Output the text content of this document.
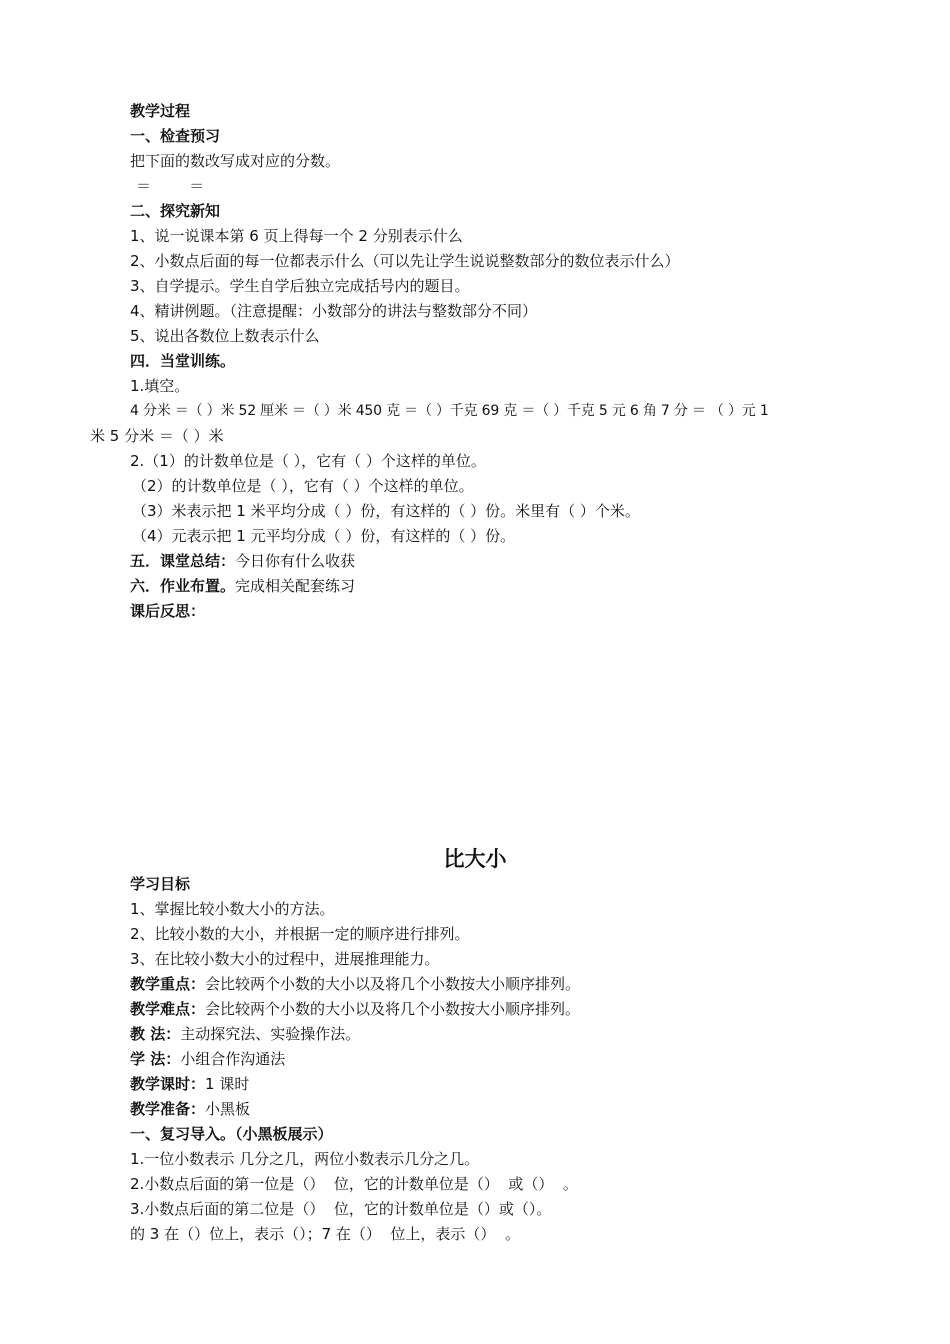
教学过程
一、检查预习
把下面的数改写成对应的分数。
＝        ＝
二、探究新知
1、说一说课本第 6 页上得每一个 2 分别表示什么
2、小数点后面的每一位都表示什么（可以先让学生说说整数部分的数位表示什么）
3、自学提示。学生自学后独立完成括号内的题目。
4、精讲例题。（注意提醒：小数部分的讲法与整数部分不同）
5、说出各数位上数表示什么
四．当堂训练。
1.填空。
4 分米 ＝（ ）米 52 厘米 ＝（ ）米 450 克 ＝（ ）千克 69 克 ＝（ ）千克 5 元 6 角 7 分 ＝ （ ）元 1
米 5 分米 ＝（ ）米
2.（1）的计数单位是（ ），它有（ ）个这样的单位。
（2）的计数单位是（ ），它有（ ）个这样的单位。
（3）米表示把 1 米平均分成（ ）份，有这样的（ ）份。米里有（ ）个米。
（4）元表示把 1 元平均分成（ ）份，有这样的（ ）份。
五．课堂总结：今日你有什么收获
六．作业布置。完成相关配套练习
课后反思：
比大小
学习目标
1、掌握比较小数大小的方法。
2、比较小数的大小，并根据一定的顺序进行排列。
3、在比较小数大小的过程中，进展推理能力。
教学重点：会比较两个小数的大小以及将几个小数按大小顺序排列。
教学难点：会比较两个小数的大小以及将几个小数按大小顺序排列。
教 法：主动探究法、实验操作法。
学 法：小组合作沟通法
教学课时：1 课时
教学准备：小黑板
一、复习导入。（小黑板展示）
1.一位小数表示 几分之几，两位小数表示几分之几。
2.小数点后面的第一位是（）  位，它的计数单位是（）  或（）  。
3.小数点后面的第二位是（）  位，它的计数单位是（）或（）。
的 3 在（）位上，表示（）；7 在（）  位上，表示（）  。
